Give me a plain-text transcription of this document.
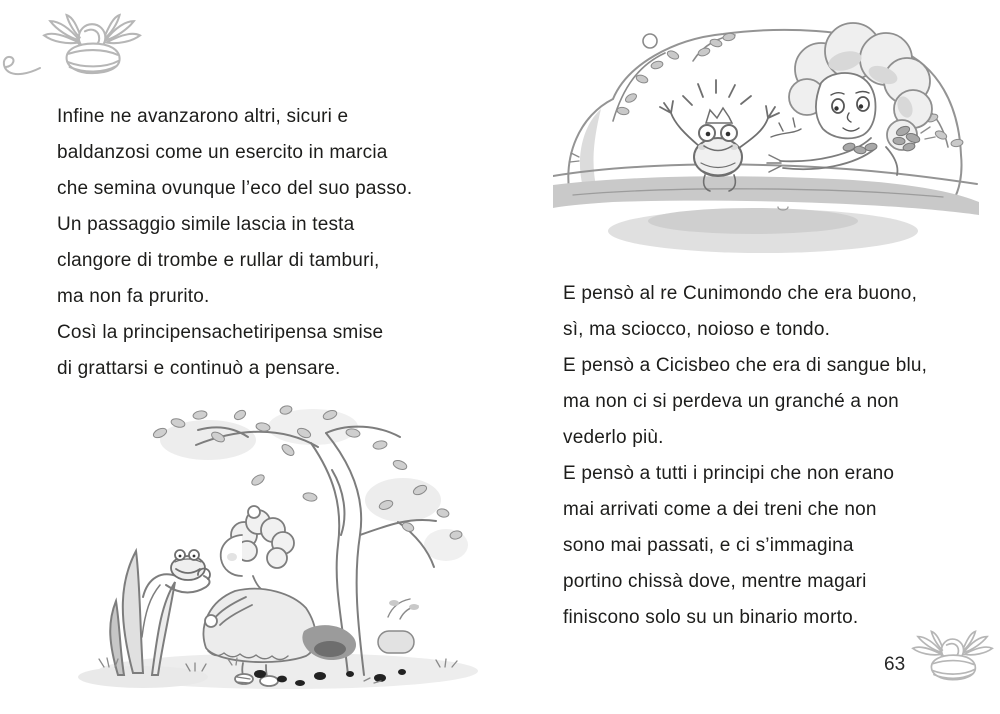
Infine ne avanzarono altri, sicuri e
baldanzosi come un esercito in marcia
che semina ovunque l’eco del suo passo.
Un passaggio simile lascia in testa
clangore di trombe e rullar di tamburi,
ma non fa prurito.
Così la principensachetiripensa smise
di grattarsi e continuò a pensare.
E pensò al re Cunimondo che era buono,
sì, ma sciocco, noioso e tondo.
E pensò a Cicisbeo che era di sangue blu,
ma non ci si perdeva un granché a non
vederlo più.
E pensò a tutti i principi che non erano
mai arrivati come a dei treni che non
sono mai passati, e ci s’immagina
portino chissà dove, mentre magari
finiscono solo su un binario morto.
63
